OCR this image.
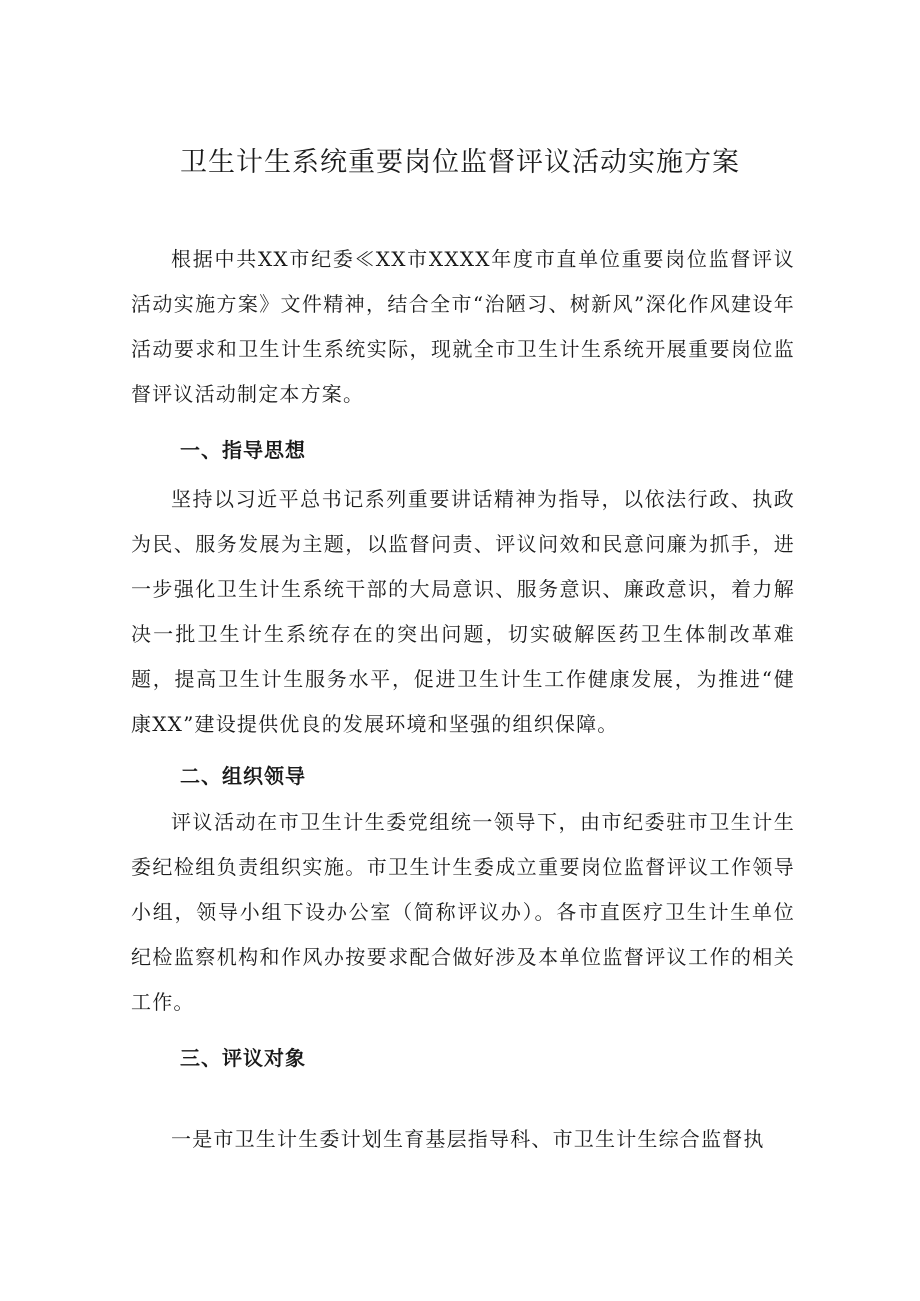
卫生计生系统重要岗位监督评议活动实施方案

根据中共XX市纪委≪XX市XXXX年度市直单位重要岗位监督评议活动实施方案》文件精神，结合全市“治陋习、树新风”深化作风建设年活动要求和卫生计生系统实际，现就全市卫生计生系统开展重要岗位监督评议活动制定本方案。

一、指导思想

坚持以习近平总书记系列重要讲话精神为指导，以依法行政、执政为民、服务发展为主题，以监督问责、评议问效和民意问廉为抓手，进一步强化卫生计生系统干部的大局意识、服务意识、廉政意识，着力解决一批卫生计生系统存在的突出问题，切实破解医药卫生体制改革难题，提高卫生计生服务水平，促进卫生计生工作健康发展，为推进“健康XX”建设提供优良的发展环境和坚强的组织保障。

二、组织领导

评议活动在市卫生计生委党组统一领导下，由市纪委驻市卫生计生委纪检组负责组织实施。市卫生计生委成立重要岗位监督评议工作领导小组，领导小组下设办公室（简称评议办）。各市直医疗卫生计生单位纪检监察机构和作风办按要求配合做好涉及本单位监督评议工作的相关工作。

三、评议对象

一是市卫生计生委计划生育基层指导科、市卫生计生综合监督执
